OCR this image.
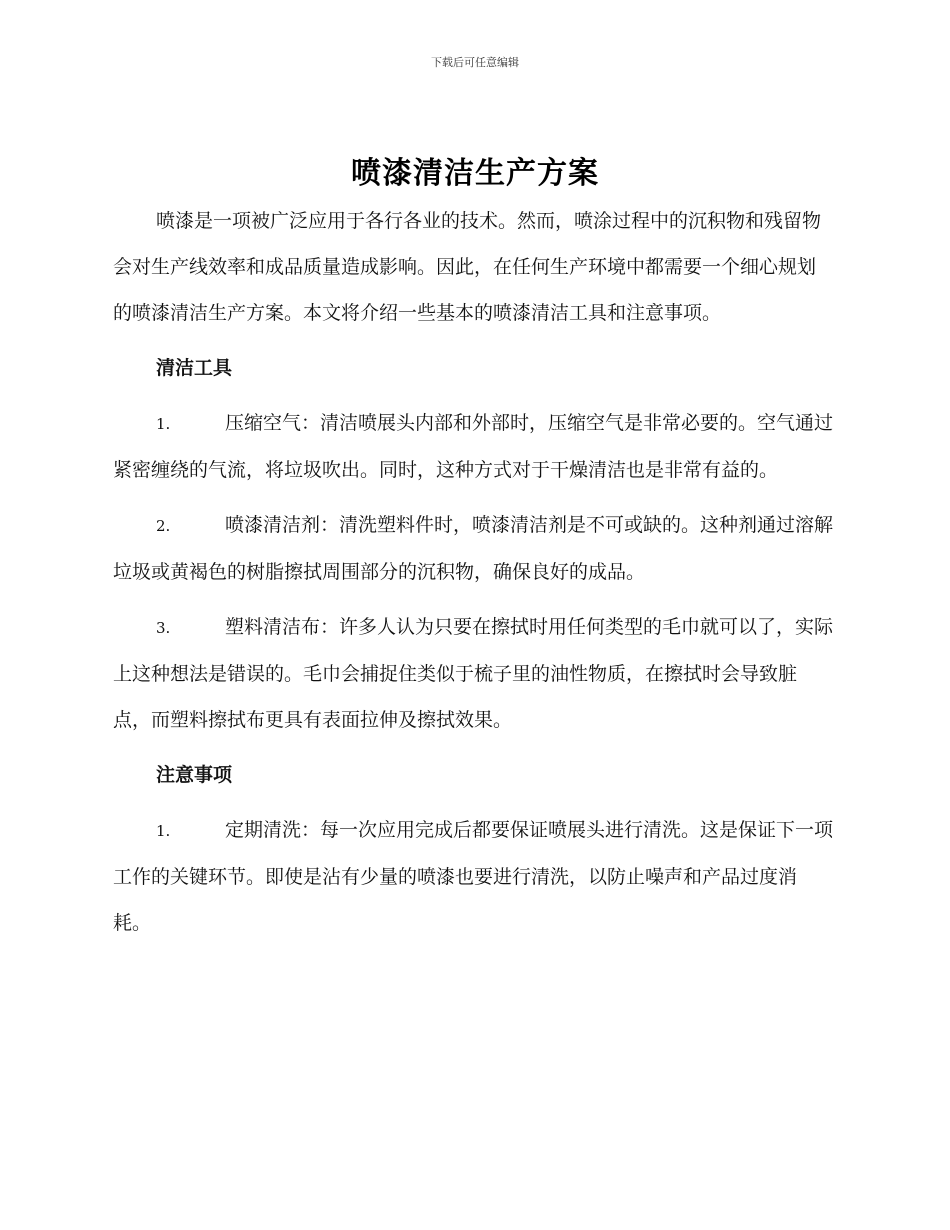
下载后可任意编辑
喷漆清洁生产方案

喷漆是一项被广泛应用于各行各业的技术。然而，喷涂过程中的沉积物和残留物会对生产线效率和成品质量造成影响。因此，在任何生产环境中都需要一个细心规划的喷漆清洁生产方案。本文将介绍一些基本的喷漆清洁工具和注意事项。

清洁工具

1.	压缩空气：清洁喷展头内部和外部时，压缩空气是非常必要的。空气通过紧密缠绕的气流，将垃圾吹出。同时，这种方式对于干燥清洁也是非常有益的。

2.	喷漆清洁剂：清洗塑料件时，喷漆清洁剂是不可或缺的。这种剂通过溶解垃圾或黄褐色的树脂擦拭周围部分的沉积物，确保良好的成品。

3.	塑料清洁布：许多人认为只要在擦拭时用任何类型的毛巾就可以了，实际上这种想法是错误的。毛巾会捕捉住类似于梳子里的油性物质，在擦拭时会导致脏点，而塑料擦拭布更具有表面拉伸及擦拭效果。

注意事项

1.	定期清洗：每一次应用完成后都要保证喷展头进行清洗。这是保证下一项工作的关键环节。即使是沾有少量的喷漆也要进行清洗，以防止噪声和产品过度消耗。
